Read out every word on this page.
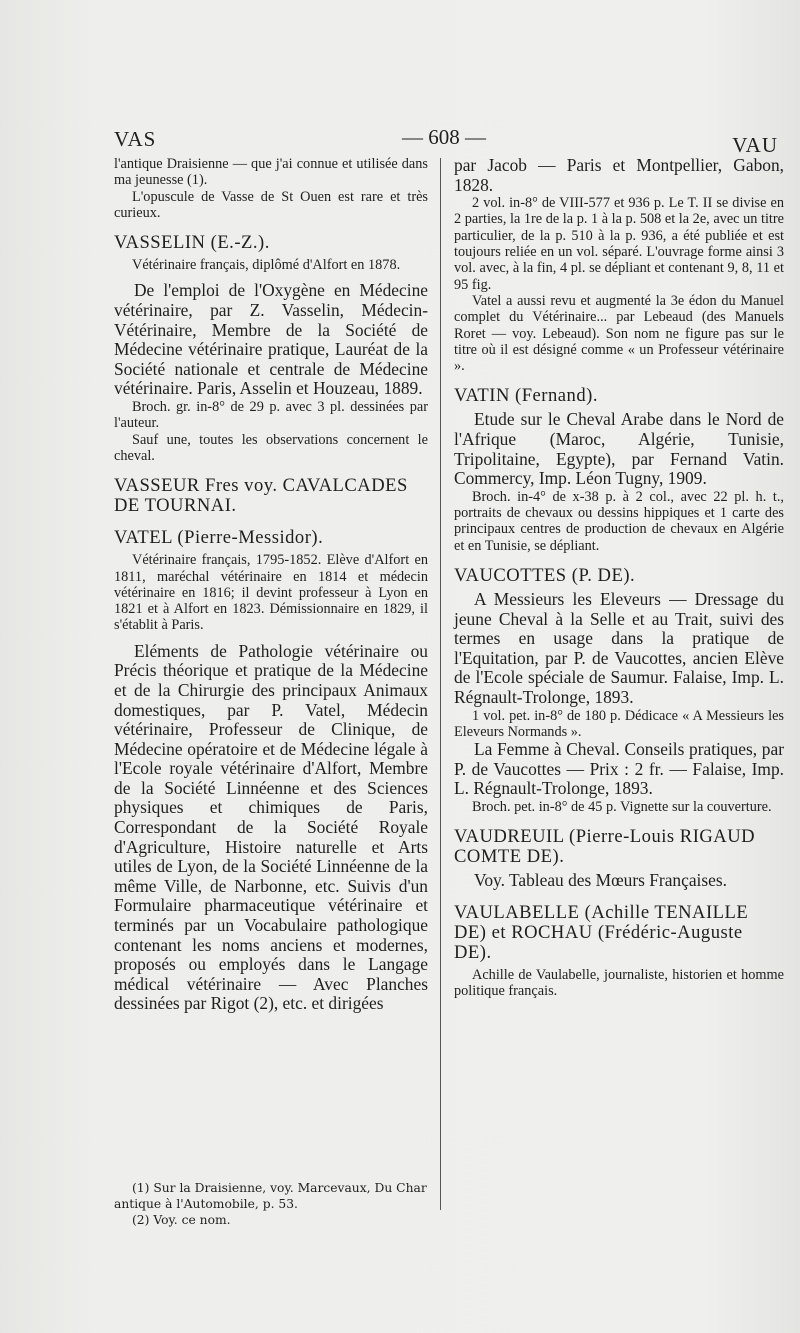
VAS	— 608 —	VAU

l'antique Draisienne — que j'ai connue et utilisée dans ma jeunesse (1).

L'opuscule de Vasse de St Ouen est rare et très curieux.

VASSELIN (E.-Z.).

Vétérinaire français, diplômé d'Alfort en 1878.

De l'emploi de l'Oxygène en Médecine vétérinaire, par Z. Vasselin, Médecin-Vétérinaire, Membre de la Société de Médecine vétérinaire pratique, Lauréat de la Société nationale et centrale de Médecine vétérinaire. Paris, Asselin et Houzeau, 1889.

Broch. gr. in-8° de 29 p. avec 3 pl. dessinées par l'auteur.

Sauf une, toutes les observations concernent le cheval.

VASSEUR Fres voy. CAVALCADES DE TOURNAI.

VATEL (Pierre-Messidor).

Vétérinaire français, 1795-1852. Elève d'Alfort en 1811, maréchal vétérinaire en 1814 et médecin vétérinaire en 1816; il devint professeur à Lyon en 1821 et à Alfort en 1823. Démissionnaire en 1829, il s'établit à Paris.

Eléments de Pathologie vétérinaire ou Précis théorique et pratique de la Médecine et de la Chirurgie des principaux Animaux domestiques, par P. Vatel, Médecin vétérinaire, Professeur de Clinique, de Médecine opératoire et de Médecine légale à l'Ecole royale vétérinaire d'Alfort, Membre de la Société Linnéenne et des Sciences physiques et chimiques de Paris, Correspondant de la Société Royale d'Agriculture, Histoire naturelle et Arts utiles de Lyon, de la Société Linnéenne de la même Ville, de Narbonne, etc. Suivis d'un Formulaire pharmaceutique vétérinaire et terminés par un Vocabulaire pathologique contenant les noms anciens et modernes, proposés ou employés dans le Langage médical vétérinaire — Avec Planches dessinées par Rigot (2), etc. et dirigées

par Jacob — Paris et Montpellier, Gabon, 1828.

2 vol. in-8° de VIII-577 et 936 p. Le T. II se divise en 2 parties, la 1re de la p. 1 à la p. 508 et la 2e, avec un titre particulier, de la p. 510 à la p. 936, a été publiée et est toujours reliée en un vol. séparé. L'ouvrage forme ainsi 3 vol. avec, à la fin, 4 pl. se dépliant et contenant 9, 8, 11 et 95 fig.

Vatel a aussi revu et augmenté la 3e édon du Manuel complet du Vétérinaire... par Lebeaud (des Manuels Roret — voy. Lebeaud). Son nom ne figure pas sur le titre où il est désigné comme « un Professeur vétérinaire ».

VATIN (Fernand).

Etude sur le Cheval Arabe dans le Nord de l'Afrique (Maroc, Algérie, Tunisie, Tripolitaine, Egypte), par Fernand Vatin. Commercy, Imp. Léon Tugny, 1909.

Broch. in-4° de x-38 p. à 2 col., avec 22 pl. h. t., portraits de chevaux ou dessins hippiques et 1 carte des principaux centres de production de chevaux en Algérie et en Tunisie, se dépliant.

VAUCOTTES (P. DE).

A Messieurs les Eleveurs — Dressage du jeune Cheval à la Selle et au Trait, suivi des termes en usage dans la pratique de l'Equitation, par P. de Vaucottes, ancien Elève de l'Ecole spéciale de Saumur. Falaise, Imp. L. Régnault-Trolonge, 1893.

1 vol. pet. in-8° de 180 p. Dédicace « A Messieurs les Eleveurs Normands ».

La Femme à Cheval. Conseils pratiques, par P. de Vaucottes — Prix : 2 fr. — Falaise, Imp. L. Régnault-Trolonge, 1893.

Broch. pet. in-8° de 45 p. Vignette sur la couverture.

VAUDREUIL (Pierre-Louis RIGAUD COMTE DE).

Voy. Tableau des Mœurs Françaises.

VAULABELLE (Achille TENAILLE DE) et ROCHAU (Frédéric-Auguste DE).

Achille de Vaulabelle, journaliste, historien et homme politique français.

(1) Sur la Draisienne, voy. Marcevaux, Du Char antique à l'Automobile, p. 53.

(2) Voy. ce nom.
